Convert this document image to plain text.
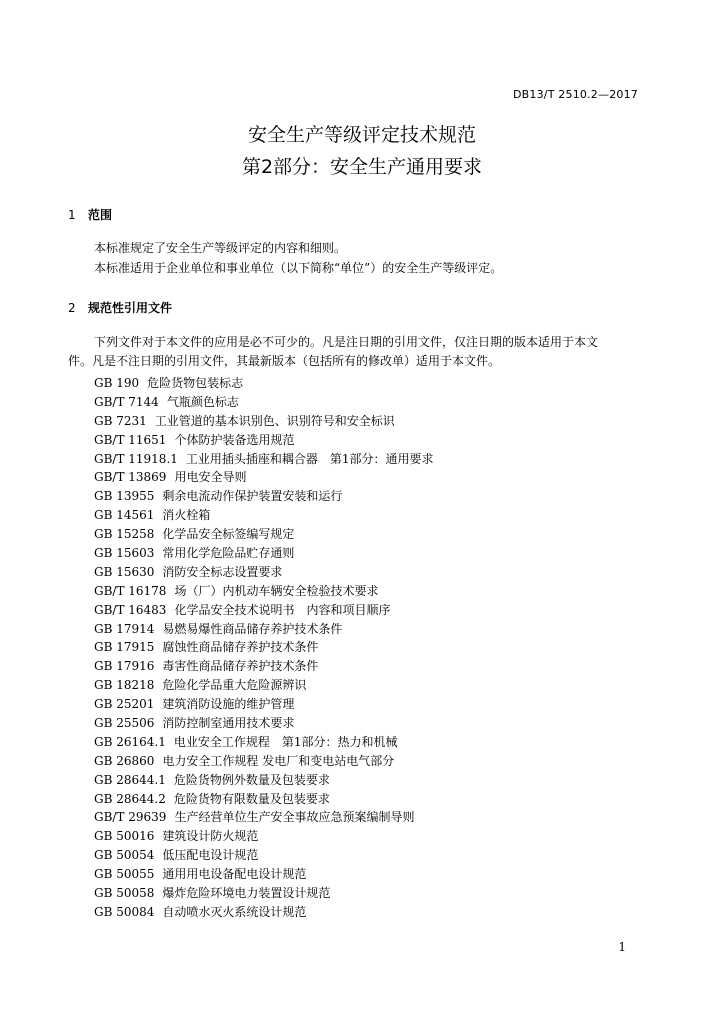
DB13/T 2510.2—2017
安全生产等级评定技术规范
第2部分：安全生产通用要求
1 范围
本标准规定了安全生产等级评定的内容和细则。
本标准适用于企业单位和事业单位（以下简称“单位”）的安全生产等级评定。
2 规范性引用文件
下列文件对于本文件的应用是必不可少的。凡是注日期的引用文件，仅注日期的版本适用于本文
件。凡是不注日期的引用文件，其最新版本（包括所有的修改单）适用于本文件。
GB 190 危险货物包装标志
GB/T 7144 气瓶颜色标志
GB 7231 工业管道的基本识别色、识别符号和安全标识
GB/T 11651 个体防护装备选用规范
GB/T 11918.1 工业用插头插座和耦合器　第1部分：通用要求
GB/T 13869 用电安全导则
GB 13955 剩余电流动作保护装置安装和运行
GB 14561 消火栓箱
GB 15258 化学品安全标签编写规定
GB 15603 常用化学危险品贮存通则
GB 15630 消防安全标志设置要求
GB/T 16178 场（厂）内机动车辆安全检验技术要求
GB/T 16483 化学品安全技术说明书　内容和项目顺序
GB 17914 易燃易爆性商品储存养护技术条件
GB 17915 腐蚀性商品储存养护技术条件
GB 17916 毒害性商品储存养护技术条件
GB 18218 危险化学品重大危险源辨识
GB 25201 建筑消防设施的维护管理
GB 25506 消防控制室通用技术要求
GB 26164.1 电业安全工作规程　第1部分：热力和机械
GB 26860 电力安全工作规程 发电厂和变电站电气部分
GB 28644.1 危险货物例外数量及包装要求
GB 28644.2 危险货物有限数量及包装要求
GB/T 29639 生产经营单位生产安全事故应急预案编制导则
GB 50016 建筑设计防火规范
GB 50054 低压配电设计规范
GB 50055 通用用电设备配电设计规范
GB 50058 爆炸危险环境电力装置设计规范
GB 50084 自动喷水灭火系统设计规范
1
